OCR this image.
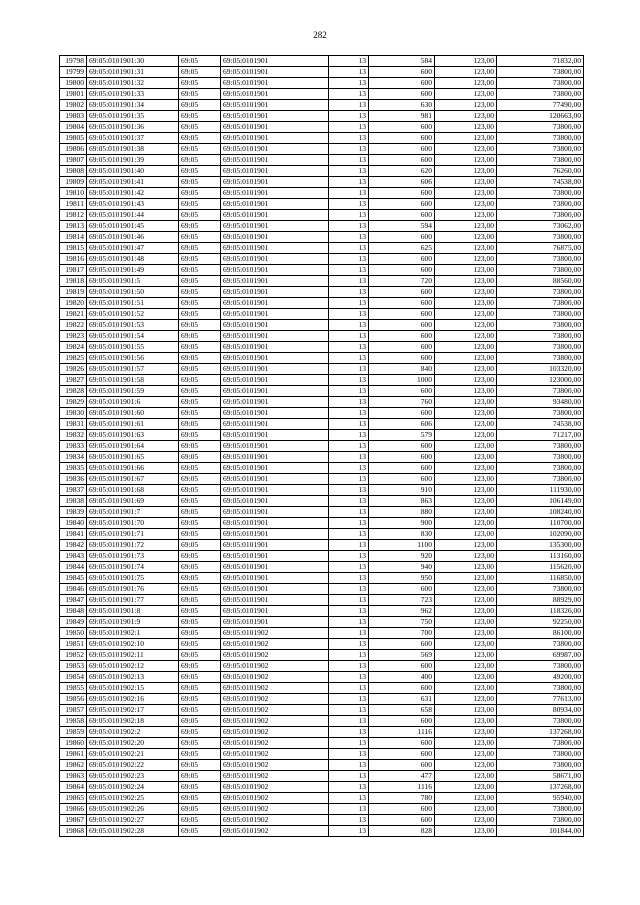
282
19798	69:05:0101901:30	69:05	69:05:0101901	13	584	123,00	71832,00
19799	69:05:0101901:31	69:05	69:05:0101901	13	600	123,00	73800,00
19800	69:05:0101901:32	69:05	69:05:0101901	13	600	123,00	73800,00
19801	69:05:0101901:33	69:05	69:05:0101901	13	600	123,00	73800,00
19802	69:05:0101901:34	69:05	69:05:0101901	13	630	123,00	77490,00
19803	69:05:0101901:35	69:05	69:05:0101901	13	981	123,00	120663,00
19804	69:05:0101901:36	69:05	69:05:0101901	13	600	123,00	73800,00
19805	69:05:0101901:37	69:05	69:05:0101901	13	600	123,00	73800,00
19806	69:05:0101901:38	69:05	69:05:0101901	13	600	123,00	73800,00
19807	69:05:0101901:39	69:05	69:05:0101901	13	600	123,00	73800,00
19808	69:05:0101901:40	69:05	69:05:0101901	13	620	123,00	76260,00
19809	69:05:0101901:41	69:05	69:05:0101901	13	606	123,00	74538,00
19810	69:05:0101901:42	69:05	69:05:0101901	13	600	123,00	73800,00
19811	69:05:0101901:43	69:05	69:05:0101901	13	600	123,00	73800,00
19812	69:05:0101901:44	69:05	69:05:0101901	13	600	123,00	73800,00
19813	69:05:0101901:45	69:05	69:05:0101901	13	594	123,00	73062,00
19814	69:05:0101901:46	69:05	69:05:0101901	13	600	123,00	73800,00
19815	69:05:0101901:47	69:05	69:05:0101901	13	625	123,00	76875,00
19816	69:05:0101901:48	69:05	69:05:0101901	13	600	123,00	73800,00
19817	69:05:0101901:49	69:05	69:05:0101901	13	600	123,00	73800,00
19818	69:05:0101901:5	69:05	69:05:0101901	13	720	123,00	88560,00
19819	69:05:0101901:50	69:05	69:05:0101901	13	600	123,00	73800,00
19820	69:05:0101901:51	69:05	69:05:0101901	13	600	123,00	73800,00
19821	69:05:0101901:52	69:05	69:05:0101901	13	600	123,00	73800,00
19822	69:05:0101901:53	69:05	69:05:0101901	13	600	123,00	73800,00
19823	69:05:0101901:54	69:05	69:05:0101901	13	600	123,00	73800,00
19824	69:05:0101901:55	69:05	69:05:0101901	13	600	123,00	73800,00
19825	69:05:0101901:56	69:05	69:05:0101901	13	600	123,00	73800,00
19826	69:05:0101901:57	69:05	69:05:0101901	13	840	123,00	103320,00
19827	69:05:0101901:58	69:05	69:05:0101901	13	1000	123,00	123000,00
19828	69:05:0101901:59	69:05	69:05:0101901	13	600	123,00	73800,00
19829	69:05:0101901:6	69:05	69:05:0101901	13	760	123,00	93480,00
19830	69:05:0101901:60	69:05	69:05:0101901	13	600	123,00	73800,00
19831	69:05:0101901:61	69:05	69:05:0101901	13	606	123,00	74538,00
19832	69:05:0101901:63	69:05	69:05:0101901	13	579	123,00	71217,00
19833	69:05:0101901:64	69:05	69:05:0101901	13	600	123,00	73800,00
19834	69:05:0101901:65	69:05	69:05:0101901	13	600	123,00	73800,00
19835	69:05:0101901:66	69:05	69:05:0101901	13	600	123,00	73800,00
19836	69:05:0101901:67	69:05	69:05:0101901	13	600	123,00	73800,00
19837	69:05:0101901:68	69:05	69:05:0101901	13	910	123,00	111930,00
19838	69:05:0101901:69	69:05	69:05:0101901	13	863	123,00	106149,00
19839	69:05:0101901:7	69:05	69:05:0101901	13	880	123,00	108240,00
19840	69:05:0101901:70	69:05	69:05:0101901	13	900	123,00	110700,00
19841	69:05:0101901:71	69:05	69:05:0101901	13	830	123,00	102090,00
19842	69:05:0101901:72	69:05	69:05:0101901	13	1100	123,00	135300,00
19843	69:05:0101901:73	69:05	69:05:0101901	13	920	123,00	113160,00
19844	69:05:0101901:74	69:05	69:05:0101901	13	940	123,00	115620,00
19845	69:05:0101901:75	69:05	69:05:0101901	13	950	123,00	116850,00
19846	69:05:0101901:76	69:05	69:05:0101901	13	600	123,00	73800,00
19847	69:05:0101901:77	69:05	69:05:0101901	13	723	123,00	88929,00
19848	69:05:0101901:8	69:05	69:05:0101901	13	962	123,00	118326,00
19849	69:05:0101901:9	69:05	69:05:0101901	13	750	123,00	92250,00
19850	69:05:0101902:1	69:05	69:05:0101902	13	700	123,00	86100,00
19851	69:05:0101902:10	69:05	69:05:0101902	13	600	123,00	73800,00
19852	69:05:0101902:11	69:05	69:05:0101902	13	569	123,00	69987,00
19853	69:05:0101902:12	69:05	69:05:0101902	13	600	123,00	73800,00
19854	69:05:0101902:13	69:05	69:05:0101902	13	400	123,00	49200,00
19855	69:05:0101902:15	69:05	69:05:0101902	13	600	123,00	73800,00
19856	69:05:0101902:16	69:05	69:05:0101902	13	631	123,00	77613,00
19857	69:05:0101902:17	69:05	69:05:0101902	13	658	123,00	80934,00
19858	69:05:0101902:18	69:05	69:05:0101902	13	600	123,00	73800,00
19859	69:05:0101902:2	69:05	69:05:0101902	13	1116	123,00	137268,00
19860	69:05:0101902:20	69:05	69:05:0101902	13	600	123,00	73800,00
19861	69:05:0101902:21	69:05	69:05:0101902	13	600	123,00	73800,00
19862	69:05:0101902:22	69:05	69:05:0101902	13	600	123,00	73800,00
19863	69:05:0101902:23	69:05	69:05:0101902	13	477	123,00	58671,00
19864	69:05:0101902:24	69:05	69:05:0101902	13	1116	123,00	137268,00
19865	69:05:0101902:25	69:05	69:05:0101902	13	780	123,00	95940,00
19866	69:05:0101902:26	69:05	69:05:0101902	13	600	123,00	73800,00
19867	69:05:0101902:27	69:05	69:05:0101902	13	600	123,00	73800,00
19868	69:05:0101902:28	69:05	69:05:0101902	13	828	123,00	101844,00
